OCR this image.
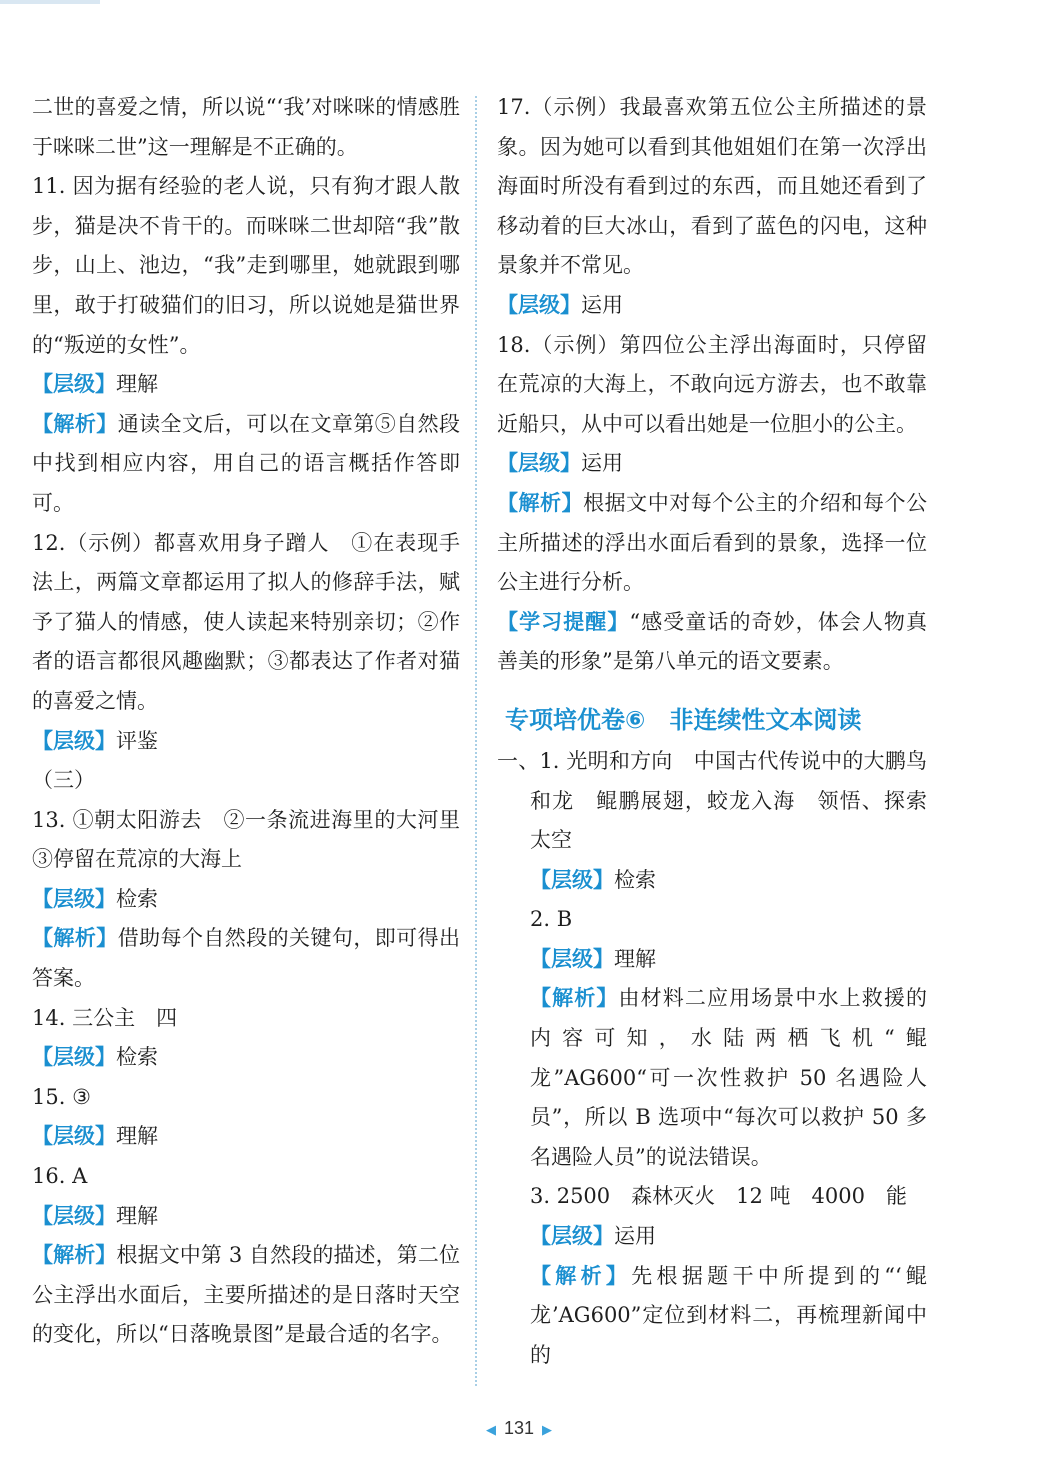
二世的喜爱之情，所以说“‘我’对咪咪的情感胜于咪咪二世”这一理解是不正确的。

11. 因为据有经验的老人说，只有狗才跟人散步，猫是决不肯干的。而咪咪二世却陪“我”散步，山上、池边，“我”走到哪里，她就跟到哪里，敢于打破猫们的旧习，所以说她是猫世界的“叛逆的女性”。

【层级】理解

【解析】通读全文后，可以在文章第⑤自然段中找到相应内容，用自己的语言概括作答即可。

12.（示例）都喜欢用身子蹭人　①在表现手法上，两篇文章都运用了拟人的修辞手法，赋予了猫人的情感，使人读起来特别亲切；②作者的语言都很风趣幽默；③都表达了作者对猫的喜爱之情。

【层级】评鉴

（三）

13. ①朝太阳游去　②一条流进海里的大河里　③停留在荒凉的大海上

【层级】检索

【解析】借助每个自然段的关键句，即可得出答案。

14. 三公主　四

【层级】检索

15. ③

【层级】理解

16. A

【层级】理解

【解析】根据文中第 3 自然段的描述，第二位公主浮出水面后，主要所描述的是日落时天空的变化，所以“日落晚景图”是最合适的名字。

17.（示例）我最喜欢第五位公主所描述的景象。因为她可以看到其他姐姐们在第一次浮出海面时所没有看到过的东西，而且她还看到了移动着的巨大冰山，看到了蓝色的闪电，这种景象并不常见。

【层级】运用

18.（示例）第四位公主浮出海面时，只停留在荒凉的大海上，不敢向远方游去，也不敢靠近船只，从中可以看出她是一位胆小的公主。

【层级】运用

【解析】根据文中对每个公主的介绍和每个公主所描述的浮出水面后看到的景象，选择一位公主进行分析。

【学习提醒】“感受童话的奇妙，体会人物真善美的形象”是第八单元的语文要素。

专项培优卷⑥　非连续性文本阅读

一、1. 光明和方向　中国古代传说中的大鹏鸟和龙　鲲鹏展翅，蛟龙入海　领悟、探索太空

【层级】检索

2. B

【层级】理解

【解析】由材料二应用场景中水上救援的内容可知，水陆两栖飞机“鲲龙”AG600“可一次性救护 50 名遇险人员”，所以 B 选项中“每次可以救护 50 多名遇险人员”的说法错误。

3. 2500　森林灭火　12 吨　4000　能

【层级】运用

【解析】先根据题干中所提到的“‘鲲龙’AG600”定位到材料二，再梳理新闻中的

◀ 131 ▶
